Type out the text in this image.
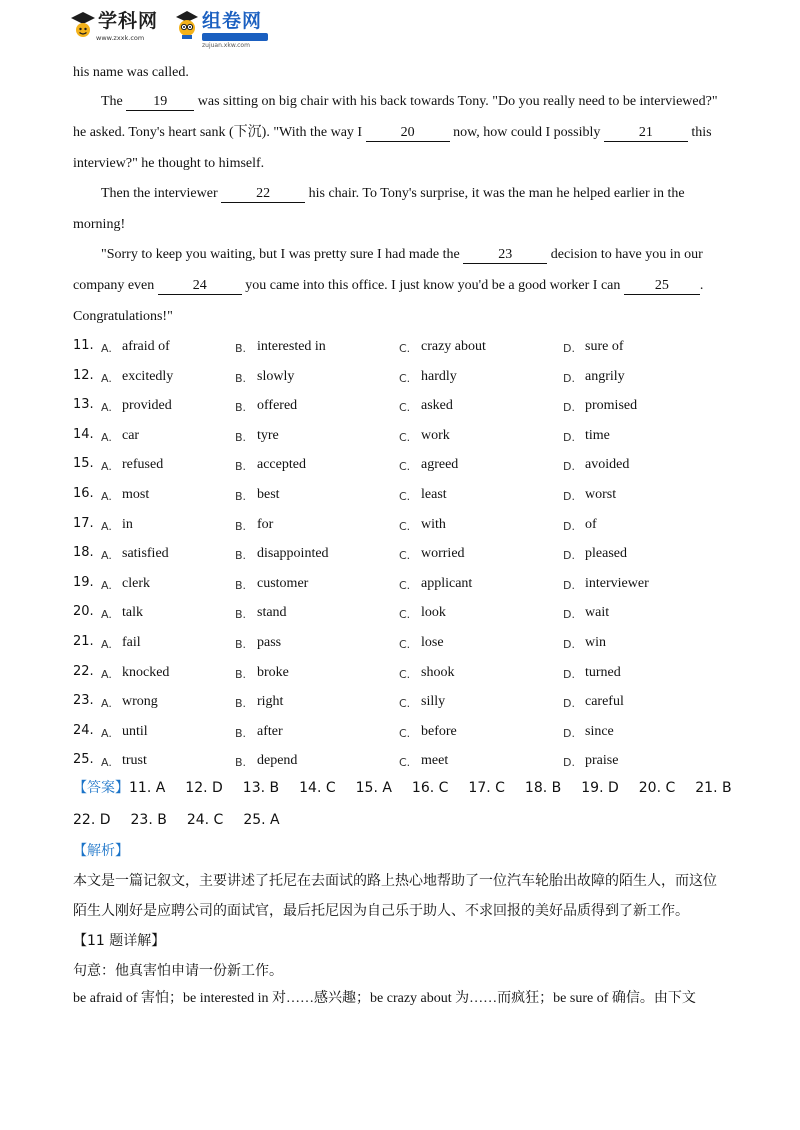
学科网
www.zxxk.com
组卷网
zujuan.xkw.com
his name was called.
The 19 was sitting on big chair with his back towards Tony. "Do you really need to be interviewed?"
he asked. Tony's heart sank (下沉). "With the way I	20	now, how could I possibly	21	this
interview?" he thought to himself.
Then the interviewer	22	his chair. To Tony's surprise, it was the man he helped earlier in the
morning!
"Sorry to keep you waiting, but I was pretty sure I had made the	23	decision to have you in our
company even	24	you came into this office. I just know you'd be a good worker I can 25 .
Congratulations!"
11. A. afraid of	B. interested in	C. crazy about	D. sure of
12. A. excitedly	B. slowly	C. hardly	D. angrily
13. A. provided	B. offered	C. asked	D. promised
14. A. car	B. tyre	C. work	D. time
15. A. refused	B. accepted	C. agreed	D. avoided
16. A. most	B. best	C. least	D. worst
17. A. in	B. for	C. with	D. of
18. A. satisfied	B. disappointed	C. worried	D. pleased
19. A. clerk	B. customer	C. applicant	D. interviewer
20. A. talk	B. stand	C. look	D. wait
21. A. fail	B. pass	C. lose	D. win
22. A. knocked	B. broke	C. shook	D. turned
23. A. wrong	B. right	C. silly	D. careful
24. A. until	B. after	C. before	D. since
25. A. trust	B. depend	C. meet	D. praise
【答案】11. A 12. D 13. B 14. C 15. A 16. C 17. C 18. B 19. D 20. C 21. B
22. D 23. B 24. C 25. A
【解析】
本文是一篇记叙文，主要讲述了托尼在去面试的路上热心地帮助了一位汽车轮胎出故障的陌生人，而这位
陌生人刚好是应聘公司的面试官，最后托尼因为自己乐于助人、不求回报的美好品质得到了新工作。
【11 题详解】
句意：他真害怕申请一份新工作。
be afraid of 害怕；be interested in 对……感兴趣；be crazy about 为……而疯狂；be sure of 确信。由下文
